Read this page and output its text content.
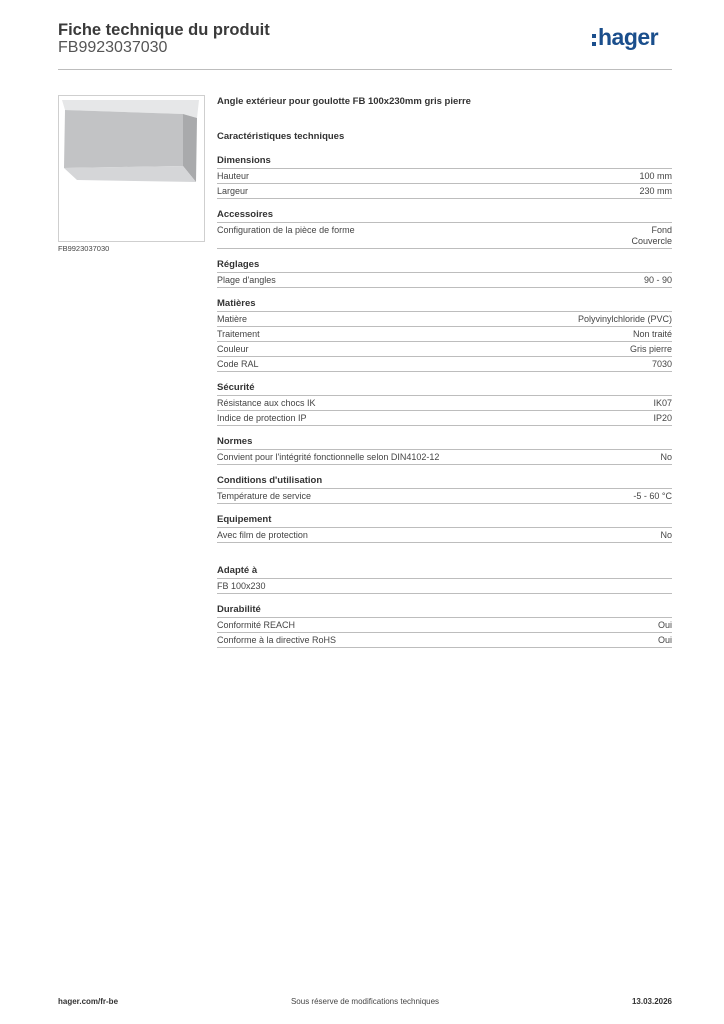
Fiche technique du produit
FB9923037030	hager
FB9923037030
Angle extérieur pour goulotte FB 100x230mm gris pierre
Caractéristiques techniques
Dimensions
Hauteur	100 mm
Largeur	230 mm
Accessoires
Configuration de la pièce de forme	Fond
Couvercle
Réglages
Plage d'angles	90 - 90
Matières
Matière	Polyvinylchloride (PVC)
Traitement	Non traité
Couleur	Gris pierre
Code RAL	7030
Sécurité
Résistance aux chocs IK	IK07
Indice de protection IP	IP20
Normes
Convient pour l'intégrité fonctionnelle selon DIN4102-12	No
Conditions d'utilisation
Température de service	-5 - 60 °C
Equipement
Avec film de protection	No
Adapté à
FB 100x230
Durabilité
Conformité REACH	Oui
Conforme à la directive RoHS	Oui
hager.com/fr-be	Sous réserve de modifications techniques	13.03.2026
